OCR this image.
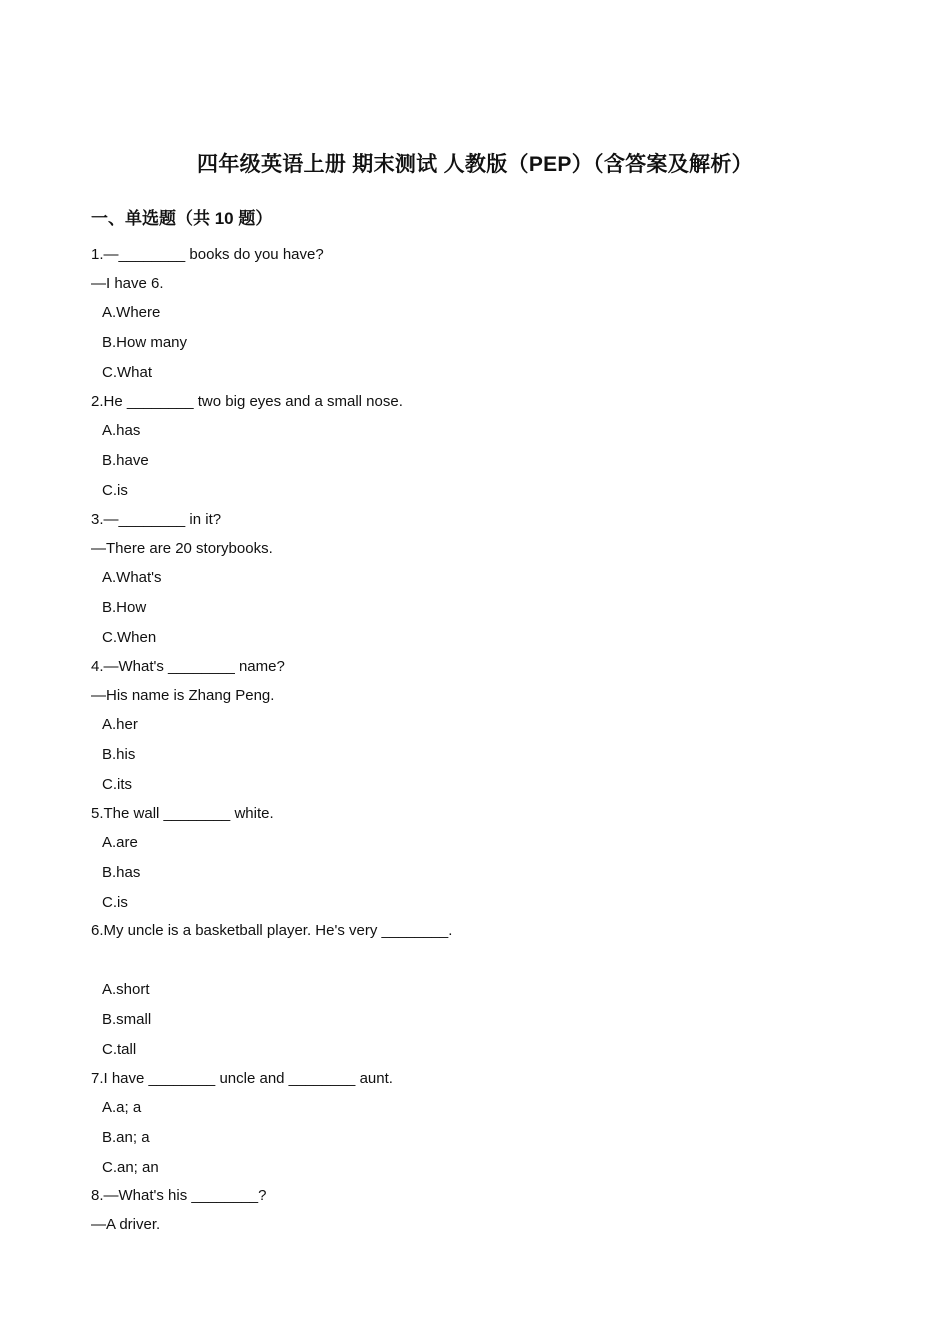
四年级英语上册 期末测试 人教版（PEP）（含答案及解析）
一、单选题（共 10 题）
1.—________ books do you have?
—I have 6.
A.Where
B.How many
C.What
2.He ________ two big eyes and a small nose.
A.has
B.have
C.is
3.—________ in it?
—There are 20 storybooks.
A.What's
B.How
C.When
4.—What's ________ name?
—His name is Zhang Peng.
A.her
B.his
C.its
5.The wall ________ white.
A.are
B.has
C.is
6.My uncle is a basketball player. He's very ________.
A.short
B.small
C.tall
7.I have ________ uncle and ________ aunt.
A.a; a
B.an; a
C.an; an
8.—What's his ________?
—A driver.
